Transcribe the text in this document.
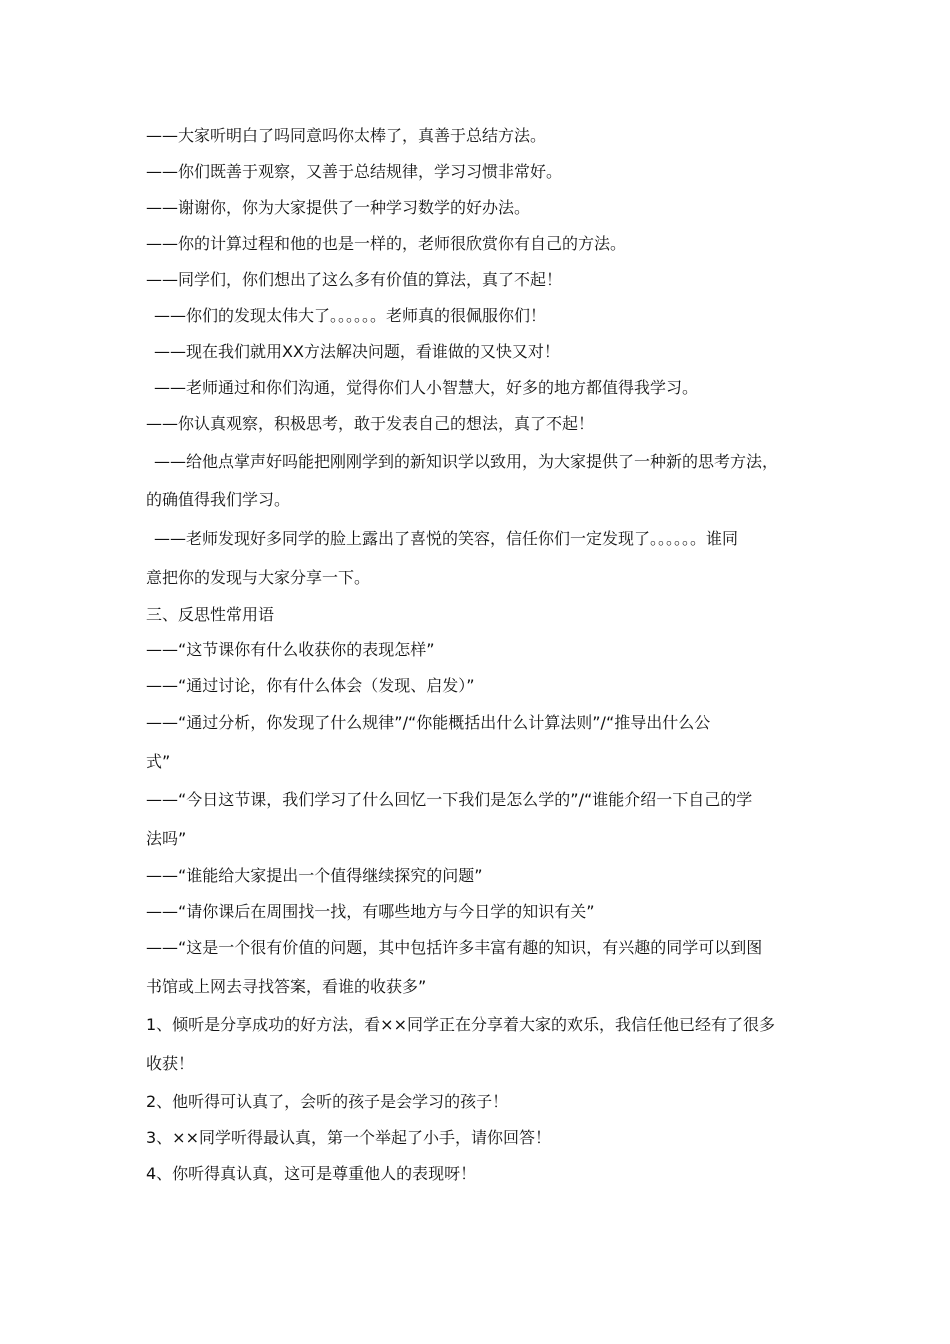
——大家听明白了吗同意吗你太棒了，真善于总结方法。
——你们既善于观察，又善于总结规律，学习习惯非常好。
——谢谢你，你为大家提供了一种学习数学的好办法。
——你的计算过程和他的也是一样的，老师很欣赏你有自己的方法。
——同学们，你们想出了这么多有价值的算法，真了不起！
——你们的发现太伟大了。。。。。。老师真的很佩服你们！
——现在我们就用XX方法解决问题，看谁做的又快又对！
——老师通过和你们沟通，觉得你们人小智慧大，好多的地方都值得我学习。
——你认真观察，积极思考，敢于发表自己的想法，真了不起！
——给他点掌声好吗能把刚刚学到的新知识学以致用，为大家提供了一种新的思考方法，
的确值得我们学习。
——老师发现好多同学的脸上露出了喜悦的笑容，信任你们一定发现了。。。。。。谁同
意把你的发现与大家分享一下。
三、反思性常用语
——“这节课你有什么收获你的表现怎样”
——“通过讨论，你有什么体会（发现、启发）”
——“通过分析，你发现了什么规律”/“你能概括出什么计算法则”/“推导出什么公
式”
——“今日这节课，我们学习了什么回忆一下我们是怎么学的”/“谁能介绍一下自己的学
法吗”
——“谁能给大家提出一个值得继续探究的问题”
——“请你课后在周围找一找，有哪些地方与今日学的知识有关”
——“这是一个很有价值的问题，其中包括许多丰富有趣的知识，有兴趣的同学可以到图
书馆或上网去寻找答案，看谁的收获多”
1、倾听是分享成功的好方法，看××同学正在分享着大家的欢乐，我信任他已经有了很多
收获！
2、他听得可认真了，会听的孩子是会学习的孩子！
3、××同学听得最认真，第一个举起了小手，请你回答！
4、你听得真认真，这可是尊重他人的表现呀！
